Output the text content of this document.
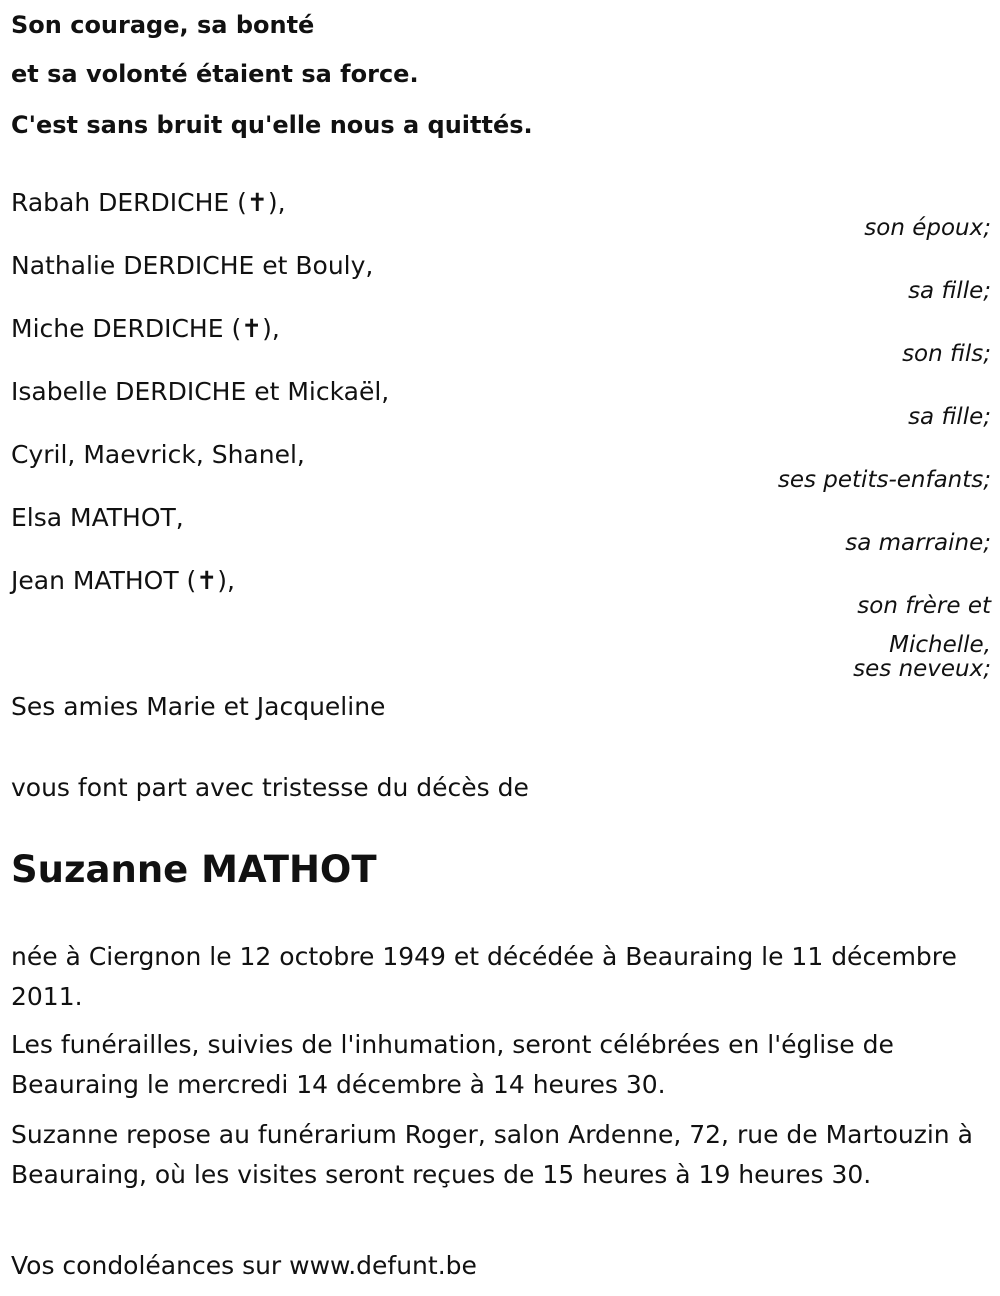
Son courage, sa bonté

et sa volonté étaient sa force.

C'est sans bruit qu'elle nous a quittés.

Rabah DERDICHE (✝),
son époux;
Nathalie DERDICHE et Bouly,
sa fille;
Miche DERDICHE (✝),
son fils;
Isabelle DERDICHE et Mickaël,
sa fille;
Cyril, Maevrick, Shanel,
ses petits-enfants;
Elsa MATHOT,
sa marraine;
Jean MATHOT (✝),
son frère et
Michelle,
ses neveux;
Ses amies Marie et Jacqueline
vous font part avec tristesse du décès de
Suzanne MATHOT

née à Ciergnon le 12 octobre 1949 et décédée à Beauraing le 11 décembre 2011.

Les funérailles, suivies de l'inhumation, seront célébrées en l'église de Beauraing le mercredi 14 décembre à 14 heures 30.

Suzanne repose au funérarium Roger, salon Ardenne, 72, rue de Martouzin à Beauraing, où les visites seront reçues de 15 heures à 19 heures 30.

Vos condoléances sur www.defunt.be
